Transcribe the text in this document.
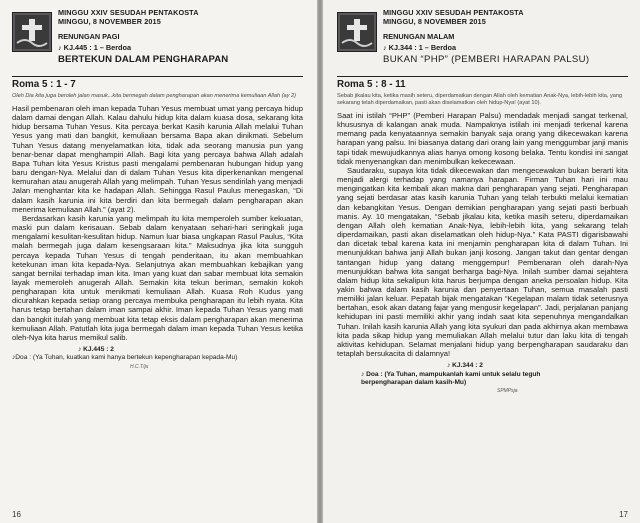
MINGGU XXIV SESUDAH PENTAKOSTA
MINGGU, 8 NOVEMBER 2015
RENUNGAN PAGI
♪ KJ.445 : 1 – Berdoa
BERTEKUN DALAM PENGHARAPAN
Roma 5 : 1 - 7
Oleh Dia kita juga beroleh jalan masuk...kita bermegah dalam pengharapan akan menerima kemuliaan Allah (ay 2)

Hasil pembenaran oleh iman kepada Tuhan Yesus membuat umat yang percaya hidup dalam damai dengan Allah. Kalau dahulu hidup kita dalam kuasa dosa, sekarang kita hidup bersama Tuhan Yesus. Kita percaya berkat Kasih karunia Allah melalui Tuhan Yesus yang mati dan bangkit, kemuliaan bersama Bapa akan dinikmati. Sebelum Tuhan Yesus datang menyelamatkan kita, tidak ada seorang manusia pun yang benar-benar dapat menghampiri Allah. Bagi kita yang percaya bahwa Allah adalah Bapa Tuhan kita Yesus Kristus pasti mengalami pembenaran hubungan hidup yang baru dengan-Nya. Melalui dan di dalam Tuhan Yesus kita diperkenankan mengenal kemurahan atau anugerah Allah yang melimpah. Tuhan Yesus sendirilah yang menjadi Jalan menghantar kita ke hadapan Allah. Sehingga Rasul Paulus menegaskan, “Di dalam kasih karunia ini kita berdiri dan kita bermegah dalam pengharapan akan menerima kemuliaan Allah.” (ayat 2).

Berdasarkan kasih karunia yang melimpah itu kita memperoleh sumber kekuatan, maski pun dalam kerisauan. Sebab dalam kenyataan sehari-hari seringkali juga mengalami kesulitan-kesulitan hidup. Namun luar biasa ungkapan Rasul Paulus, “Kita malah bermegah juga dalam kesengsaraan kita.” Maksudnya jika kita sungguh percaya kepada Tuhan Yesus di tengah penderitaan, itu akan membuahkan ketekunan iman kita kepada-Nya. Selanjutnya akan membuahkan kebajikan yang sangat bernilai terhadap iman kita. Iman yang kuat dan sabar membuat kita semakin layak memeroleh anugerah Allah. Semakin kita tekun beriman, semakin kokoh pengharapan kita untuk menikmati kemuliaan Allah. Kuasa Roh Kudus yang dicurahkan kepada setiap orang percaya membuka pengharapan itu lebih nyata. Kita harus tetap bertahan dalam iman sampai akhir. Iman kepada Tuhan Yesus yang mati dan bangkit itulah yang membuat kita tetap eksis dalam pengharapan akan menerima kemuliaan Allah. Patutlah kita juga bermegah dalam iman kepada Tuhan Yesus ketika oleh-Nya kita harus memikul salib.

♪ KJ.445 : 2
♪Doa : (Ya Tuhan, kuatkan kami hanya bertekun kepengharapan kepada-Mu)
H.C.T/ju
16
MINGGU XXIV SESUDAH PENTAKOSTA
MINGGU, 8 NOVEMBER 2015
RENUNGAN MALAM
♪ KJ.344 : 1 – Berdoa
BUKAN “PHP” (PEMBERI HARAPAN PALSU)
Roma 5 : 8 - 11
Sebab jikalau kita, ketika masih seteru, diperdamaikan dengan Allah oleh kematian Anak-Nya, lebih-lebih kita, yang sekarang telah diperdamaikan, pasti akan diselamatkan oleh hidup-Nya! (ayat 10).

Saat ini istilah “PHP” (Pemberi Harapan Palsu) mendadak menjadi sangat terkenal, khususnya di kalangan anak muda. Nampaknya istilah ini menjadi terkenal karena memang pada kenyataannya semakin banyak saja orang yang dikecewakan karena harapan yang palsu. Ini biasanya datang dari orang lain yang menggumbar janji manis tapi tidak mewujudkannya alias hanya omong kosong belaka. Tentu kondisi ini sangat tidak menyenangkan dan menimbulkan kekecewaan.

Saudaraku, supaya kita tidak dikecewakan dan mengecewakan bukan berarti kita menjadi alergi terhadap yang namanya harapan. Firman Tuhan hari ini mau mengingatkan kita kembali akan makna dari pengharapan yang sejati. Pengharapan yang sejati berdasar atas kasih karunia Tuhan yang telah terbukti melalui kematian dan kebangkitan Yesus. Dengan demikian pengharapan yang sejati pasti berbuah manis. Ay. 10 mengatakan, “Sebab jikalau kita, ketika masih seteru, diperdamaikan dengan Allah oleh kematian Anak-Nya, lebih-lebih kita, yang sekarang telah diperdamaikan, pasti akan diselamatkan oleh hidup-Nya.” Kata PASTI digarisbawahi dan dicetak tebal karena kata ini menjamin pengharapan kita di dalam Tuhan. Ini menunjukkan bahwa janji Allah bukan janji kosong. Jangan takut dan gentar dengan tantangan hidup yang datang menggempur! Pembenaran oleh darah-Nya menunjukkan bahwa kita sangat berharga bagi-Nya. Inilah sumber damai sejahtera dalam hidup kita sekalipun kita harus berjumpa dengan aneka persoalan hidup. Kita yakin bahwa dalam kasih karunia dan penyertaan Tuhan, semua masalah pasti memiliki jalan keluar. Pepatah bijak mengatakan “Kegelapan malam tidak seterusnya bertahan, esok akan datang fajar yang mengusir kegelapan”. Jadi, perjalanan panjang kehidupan ini pasti memiliki akhir yang indah saat kita sepenuhnya mengandalkan Tuhan. Inilah kasih karunia Allah yang kita syukuri dan pada akhirnya akan membawa kita pada sikap hidup yang memuliakan Allah melalui tutur dan laku kita di tengah aktivitas kehidupan. Selamat menjalani hidup yang berpengharapan saudaraku dan tetaplah bersukacita di dalamnya!

♪ KJ.344 : 2
♪ Doa : (Ya Tuhan, mampukanlah kami untuk selalu teguh
berpengharapan dalam kasih-Mu)
SPMPsja
17
